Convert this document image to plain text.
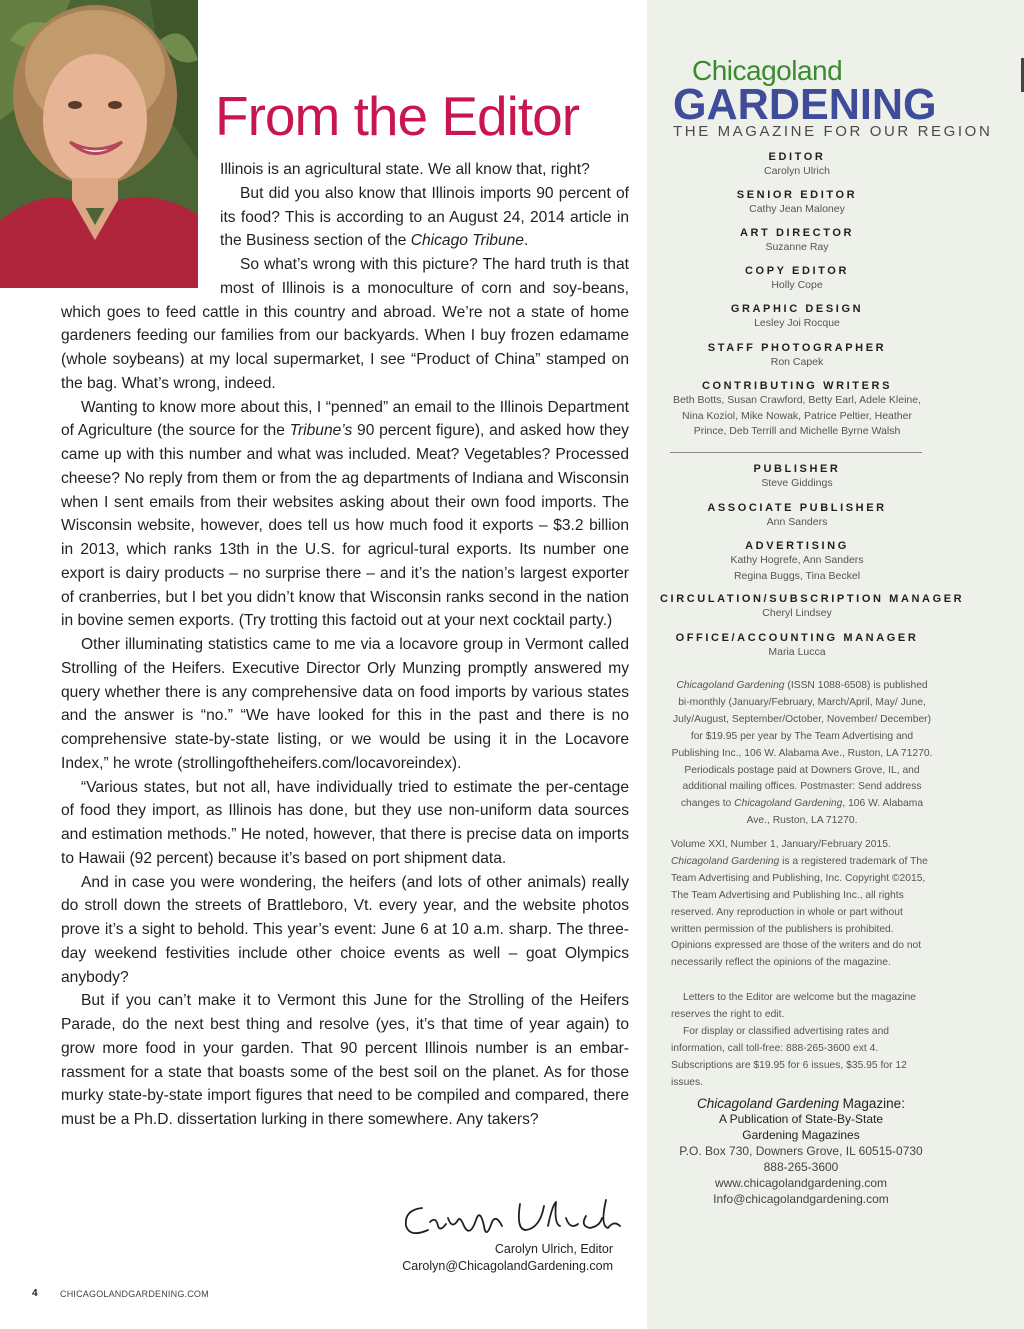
From the Editor

Illinois is an agricultural state. We all know that, right?

But did you also know that Illinois imports 90 percent of its food? This is according to an August 24, 2014 article in the Business section of the Chicago Tribune.

So what’s wrong with this picture? The hard truth is that most of Illinois is a monoculture of corn and soy-beans, which goes to feed cattle in this country and abroad. We’re not a state of home gardeners feeding our families from our backyards. When I buy frozen edamame (whole soybeans) at my local supermarket, I see “Product of China” stamped on the bag. What’s wrong, indeed.

Wanting to know more about this, I “penned” an email to the Illinois Department of Agriculture (the source for the Tribune’s 90 percent figure), and asked how they came up with this number and what was included. Meat? Vegetables? Processed cheese? No reply from them or from the ag departments of Indiana and Wisconsin when I sent emails from their websites asking about their own food imports. The Wisconsin website, however, does tell us how much food it exports – $3.2 billion in 2013, which ranks 13th in the U.S. for agricul-tural exports. Its number one export is dairy products – no surprise there – and it’s the nation’s largest exporter of cranberries, but I bet you didn’t know that Wisconsin ranks second in the nation in bovine semen exports. (Try trotting this factoid out at your next cocktail party.)

Other illuminating statistics came to me via a locavore group in Vermont called Strolling of the Heifers. Executive Director Orly Munzing promptly answered my query whether there is any comprehensive data on food imports by various states and the answer is “no.” “We have looked for this in the past and there is no comprehensive state-by-state listing, or we would be using it in the Locavore Index,” he wrote (strollingoftheheifers.com/locavoreindex).

“Various states, but not all, have individually tried to estimate the per-centage of food they import, as Illinois has done, but they use non-uniform data sources and estimation methods.” He noted, however, that there is precise data on imports to Hawaii (92 percent) because it’s based on port shipment data.

And in case you were wondering, the heifers (and lots of other animals) really do stroll down the streets of Brattleboro, Vt. every year, and the website photos prove it’s a sight to behold. This year’s event: June 6 at 10 a.m. sharp. The three-day weekend festivities include other choice events as well – goat Olympics anybody?

But if you can’t make it to Vermont this June for the Strolling of the Heifers Parade, do the next best thing and resolve (yes, it’s that time of year again) to grow more food in your garden. That 90 percent Illinois number is an embar-rassment for a state that boasts some of the best soil on the planet. As for those murky state-by-state import figures that need to be compiled and compared, there must be a Ph.D. dissertation lurking in there somewhere. Any takers?

Carolyn Ulrich, Editor
Carolyn@ChicagolandGardening.com
4 CHICAGOLANDGARDENING.COM
Chicagoland
GARDENING
THE MAGAZINE FOR OUR REGION
EDITOR
Carolyn Ulrich
SENIOR EDITOR
Cathy Jean Maloney
ART DIRECTOR
Suzanne Ray
COPY EDITOR
Holly Cope
GRAPHIC DESIGN
Lesley Joi Rocque
STAFF PHOTOGRAPHER
Ron Capek
CONTRIBUTING WRITERS
Beth Botts, Susan Crawford, Betty Earl, Adele Kleine, Nina Koziol, Mike Nowak, Patrice Peltier, Heather Prince, Deb Terrill and Michelle Byrne Walsh
PUBLISHER
Steve Giddings
ASSOCIATE PUBLISHER
Ann Sanders
ADVERTISING
Kathy Hogrefe, Ann Sanders Regina Buggs, Tina Beckel
CIRCULATION/SUBSCRIPTION MANAGER
Cheryl Lindsey
OFFICE/ACCOUNTING MANAGER
Maria Lucca
Chicagoland Gardening (ISSN 1088-6508) is published bi-monthly (January/February, March/April, May/ June, July/August, September/October, November/ December) for $19.95 per year by The Team Advertising and Publishing Inc., 106 W. Alabama Ave., Ruston, LA 71270. Periodicals postage paid at Downers Grove, IL, and additional mailing offices. Postmaster: Send address changes to Chicagoland Gardening, 106 W. Alabama Ave., Ruston, LA 71270.
Volume XXI, Number 1, January/February 2015. Chicagoland Gardening is a registered trademark of The Team Advertising and Publishing, Inc. Copyright ©2015, The Team Advertising and Publishing Inc., all rights reserved. Any reproduction in whole or part without written permission of the publishers is prohibited. Opinions expressed are those of the writers and do not necessarily reflect the opinions of the magazine.
Letters to the Editor are welcome but the magazine reserves the right to edit.
For display or classified advertising rates and information, call toll-free: 888-265-3600 ext 4. Subscriptions are $19.95 for 6 issues, $35.95 for 12 issues.
Chicagoland Gardening Magazine:
A Publication of State-By-State
Gardening Magazines
P.O. Box 730, Downers Grove, IL 60515-0730
888-265-3600
www.chicagolandgardening.com
Info@chicagolandgardening.com
